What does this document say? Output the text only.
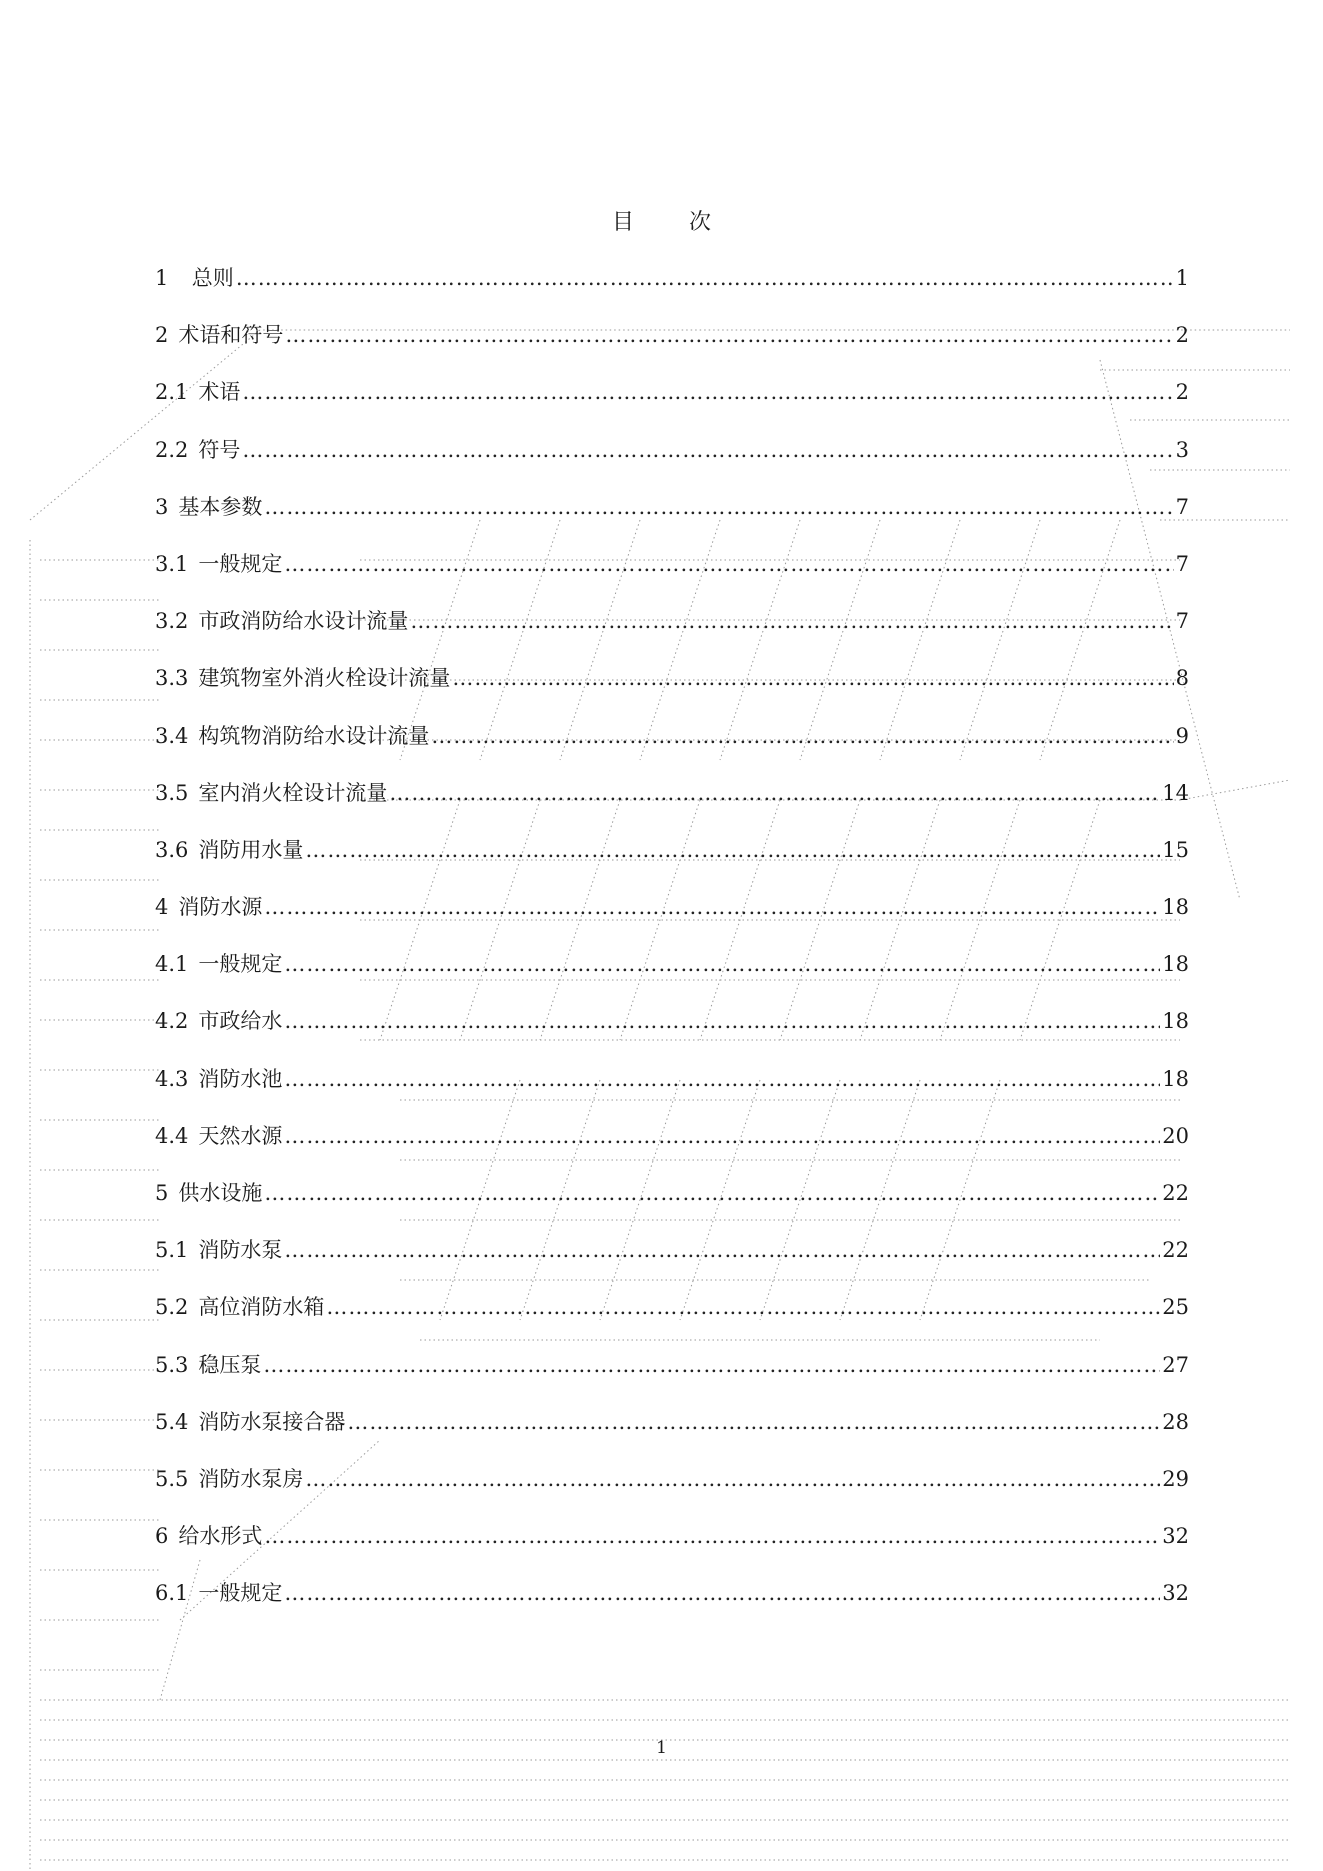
目 次
1 总则 …………………………………………………………………………………………………………………………………………………………………………………………………………	1
2 术语和符号 …………………………………………………………………………………………………………………………………………………………………………………………………………	2
2.1 术语 …………………………………………………………………………………………………………………………………………………………………………………………………………	2
2.2 符号 …………………………………………………………………………………………………………………………………………………………………………………………………………	3
3 基本参数 …………………………………………………………………………………………………………………………………………………………………………………………………………	7
3.1 一般规定 …………………………………………………………………………………………………………………………………………………………………………………………………………	7
3.2 市政消防给水设计流量 …………………………………………………………………………………………………………………………………………………………………………………………………………	7
3.3 建筑物室外消火栓设计流量 …………………………………………………………………………………………………………………………………………………………………………………………………………	8
3.4 构筑物消防给水设计流量 …………………………………………………………………………………………………………………………………………………………………………………………………………	9
3.5 室内消火栓设计流量 …………………………………………………………………………………………………………………………………………………………………………………………………………	14
3.6 消防用水量 …………………………………………………………………………………………………………………………………………………………………………………………………………	15
4 消防水源 …………………………………………………………………………………………………………………………………………………………………………………………………………	18
4.1 一般规定 …………………………………………………………………………………………………………………………………………………………………………………………………………	18
4.2 市政给水 …………………………………………………………………………………………………………………………………………………………………………………………………………	18
4.3 消防水池 …………………………………………………………………………………………………………………………………………………………………………………………………………	18
4.4 天然水源 …………………………………………………………………………………………………………………………………………………………………………………………………………	20
5 供水设施 …………………………………………………………………………………………………………………………………………………………………………………………………………	22
5.1 消防水泵 …………………………………………………………………………………………………………………………………………………………………………………………………………	22
5.2 高位消防水箱 …………………………………………………………………………………………………………………………………………………………………………………………………………	25
5.3 稳压泵 …………………………………………………………………………………………………………………………………………………………………………………………………………	27
5.4 消防水泵接合器 …………………………………………………………………………………………………………………………………………………………………………………………………………	28
5.5 消防水泵房 …………………………………………………………………………………………………………………………………………………………………………………………………………	29
6 给水形式 …………………………………………………………………………………………………………………………………………………………………………………………………………	32
6.1 一般规定 …………………………………………………………………………………………………………………………………………………………………………………………………………	32
1
